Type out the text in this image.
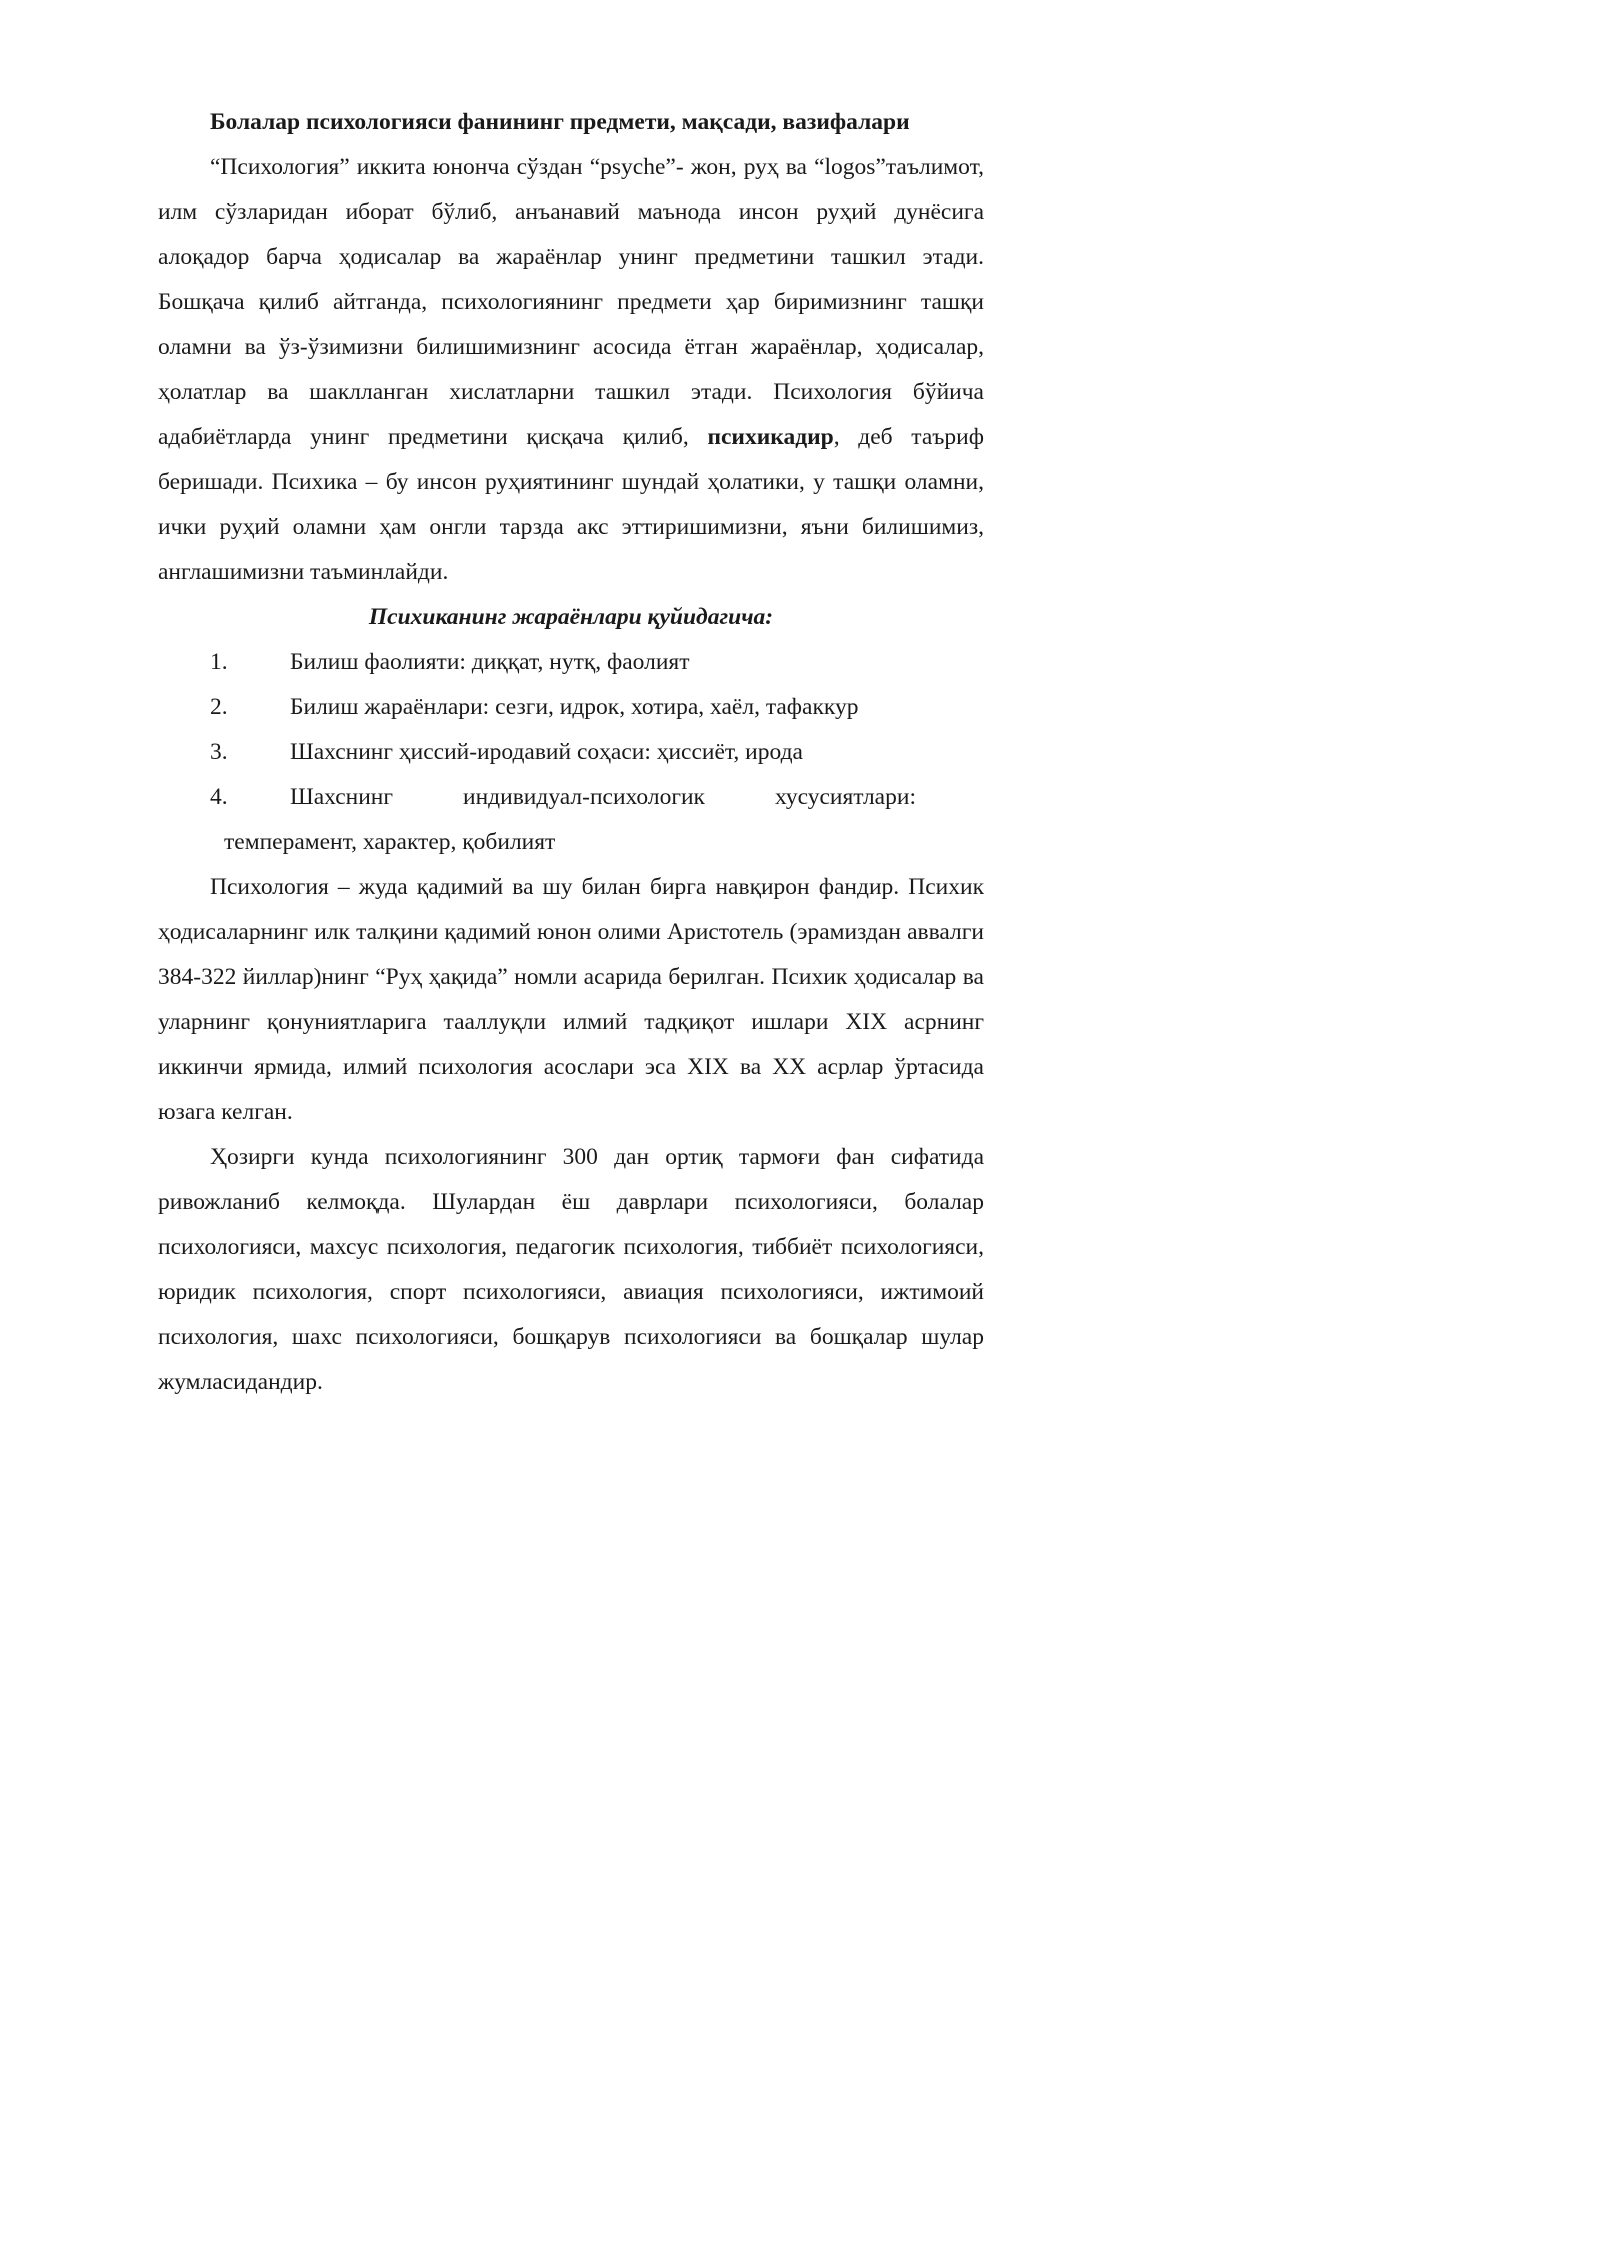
Болалар психологияси фанининг предмети, мақсади, вазифалари

“Психология” иккита юнонча сўздан “psyche”- жон, руҳ ва “logos”таълимот, илм сўзларидан иборат бўлиб, анъанавий маънода инсон руҳий дунёсига алоқадор барча ҳодисалар ва жараёнлар унинг предметини ташкил этади. Бошқача қилиб айтганда, психологиянинг предмети ҳар биримизнинг ташқи оламни ва ўз-ўзимизни билишимизнинг асосида ётган жараёнлар, ҳодисалар, ҳолатлар ва шаклланган хислатларни ташкил этади. Психология бўйича адабиётларда унинг предметини қисқача қилиб, психикадир, деб таъриф беришади. Психика – бу инсон руҳиятининг шундай ҳолатики, у ташқи оламни, ички руҳий оламни ҳам онгли тарзда акс эттиришимизни, яъни билишимиз, англашимизни таъминлайди.

Психиканинг жараёнлари қуйидагича:
1.	Билиш фаолияти: диққат, нутқ, фаолият
2.	Билиш жараёнлари: сезги, идрок, хотира, хаёл, тафаккур
3.	Шахснинг ҳиссий-иродавий соҳаси: ҳиссиёт, ирода
4.	Шахснинг	индивидуал-психологик	хусусиятлари:
темперамент, характер, қобилият

Психология – жуда қадимий ва шу билан бирга навқирон фандир. Психик ҳодисаларнинг илк талқини қадимий юнон олими Аристотель (эрамиздан аввалги 384-322 йиллар)нинг “Руҳ ҳақида” номли асарида берилган. Психик ҳодисалар ва уларнинг қонуниятларига тааллуқли илмий тадқиқот ишлари XIX асрнинг иккинчи ярмида, илмий психология асослари эса XIX ва XX асрлар ўртасида юзага келган.

Ҳозирги кунда психологиянинг 300 дан ортиқ тармоғи фан сифатида ривожланиб келмоқда. Шулардан ёш даврлари психологияси, болалар психологияси, махсус психология, педагогик психология, тиббиёт психологияси, юридик психология, спорт психологияси, авиация психологияси, ижтимоий психология, шахс психологияси, бошқарув психологияси ва бошқалар шулар жумласидандир.
